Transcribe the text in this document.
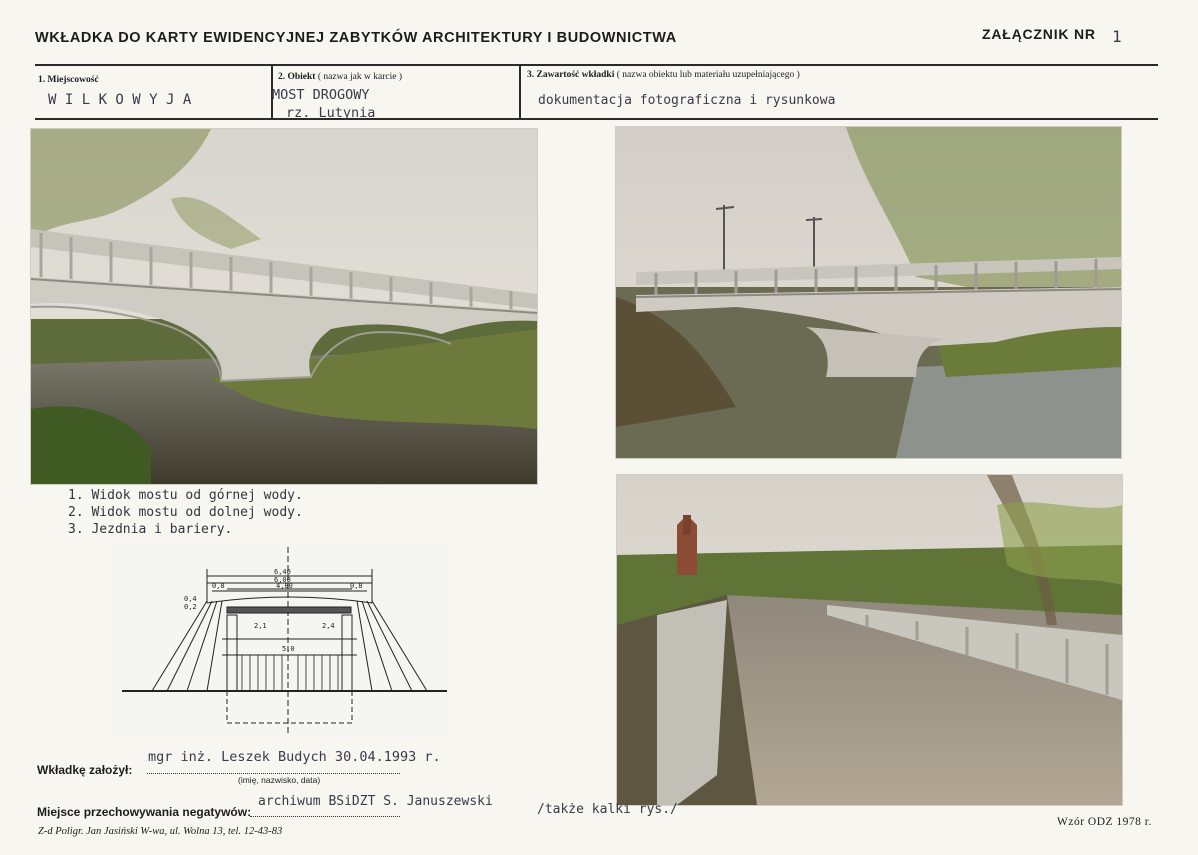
WKŁADKA DO KARTY EWIDENCYJNEJ ZABYTKÓW ARCHITEKTURY I BUDOWNICTWA	ZAŁĄCZNIK NR 1
1. Miejscowość
W I L K O W Y J A
2. Obiekt ( nazwa jak w karcie )
MOST DROGOWY
rz. Lutynia
3. Zawartość wkładki ( nazwa obiektu lub materiału uzupełniającego )
dokumentacja fotograficzna i rysunkowa
1. Widok mostu od górnej wody.
2. Widok mostu od dolnej wody.
3. Jezdnia i bariery.
6,40
6,00
4,80
0,8	0,8
0,4
0,2
2,1	2,4
5,0
Wkładkę założył:
mgr inż. Leszek Budych 30.04.1993 r.
(imię, nazwisko, data)
Miejsce przechowywania negatywów:
archiwum BSiDZT S. Januszewski
/także kalki rys./
Z-d Poligr. Jan Jasiński W-wa, ul. Wolna 13, tel. 12-43-83
Wzór ODZ 1978 r.
